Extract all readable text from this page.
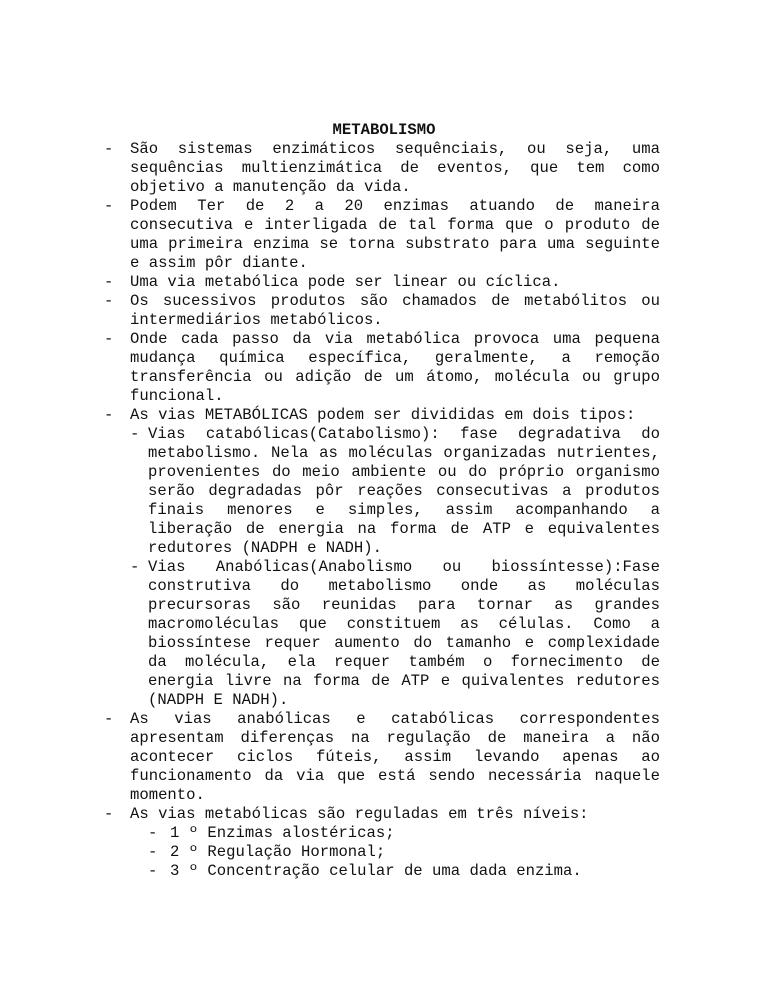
METABOLISMO
- São sistemas enzimáticos sequênciais, ou seja, uma sequências multienzimática de eventos, que tem como objetivo a manutenção da vida.
- Podem Ter de 2 a 20 enzimas atuando de maneira consecutiva e interligada de tal forma que o produto de uma primeira enzima se torna substrato para uma seguinte e assim pôr diante.
- Uma via metabólica pode ser linear ou cíclica.
- Os sucessivos produtos são chamados de metabólitos ou intermediários metabólicos.
- Onde cada passo da via metabólica provoca uma pequena mudança química específica, geralmente, a remoção transferência ou adição de um átomo, molécula ou grupo funcional.
- As vias METABÓLICAS podem ser divididas em dois tipos:
- Vias catabólicas(Catabolismo): fase degradativa do metabolismo. Nela as moléculas organizadas nutrientes, provenientes do meio ambiente ou do próprio organismo serão degradadas pôr reações consecutivas a produtos finais menores e simples, assim acompanhando a liberação de energia na forma de ATP e equivalentes redutores (NADPH e NADH).
- Vias Anabólicas(Anabolismo ou biossíntesse):Fase construtiva do metabolismo onde as moléculas precursoras são reunidas para tornar as grandes macromoléculas que constituem as células. Como a biossíntese requer aumento do tamanho e complexidade da molécula, ela requer também o fornecimento de energia livre na forma de ATP e quivalentes redutores (NADPH E NADH).
- As vias anabólicas e catabólicas correspondentes apresentam diferenças na regulação de maneira a não acontecer ciclos fúteis, assim levando apenas ao funcionamento da via que está sendo necessária naquele momento.
- As vias metabólicas são reguladas em três níveis:
- 1 º Enzimas alostéricas;
- 2 º Regulação Hormonal;
- 3 º Concentração celular de uma dada enzima.
